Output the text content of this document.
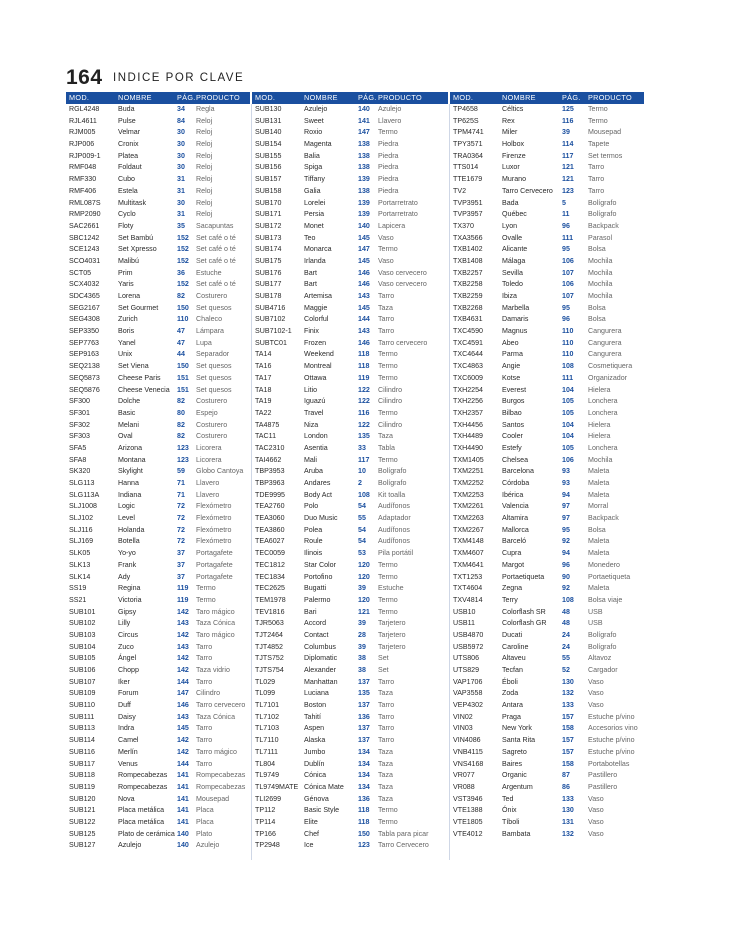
164 INDICE POR CLAVE
MOD.	NOMBRE	PÁG. PRODUCTO
RGL4248	Buda	34 Regla
RJL4611	Pulse	84 Reloj
RJM005	Velmar	30 Reloj
RJP006	Cronix	30 Reloj
RJP009-1 Platea	30 Reloj
RMF048	Foldaut	30 Reloj
RMF330	Cubo	31 Reloj
RMF406	Estela	31 Reloj
RML087S Multitask	30 Reloj
RMP2090 Cyclo	31 Reloj
SAC2661	Floty	35 Sacapuntas
SBC1242	Set Bambú	152 Set café o té
SCE1243	Set Xpresso	152 Set café o té
SCO4031	Malibú	152 Set café o té
SCT05	Prim	36 Estuche
SCX4032	Yaris	152 Set café o té
SDC4365	Lorena	82 Costurero
SEG2167	Set Gourmet	150 Set quesos
SEG4308	Zurich	110 Chaleco
SEP3350	Boris	47 Lámpara
SEP7763	Yanel	47 Lupa
SEP9163	Unix	44 Separador
SEQ2138	Set Viena	150 Set quesos
SEQ5873	Cheese Paris 151 Set quesos
SEQ5876	Cheese Venecia 151 Set quesos
SF300	Dolche	82 Costurero
SF301	Basic	80 Espejo
SF302	Melani	82 Costurero
SF303	Oval	82 Costurero
SFA5	Arizona	123 Licorera
SFA8	Montana	123 Licorera
SK320	Skylight	59 Globo Cantoya
SLG113	Hanna	71 Llavero
SLG113A	Indiana	71 Llavero
SLJ1008	Logic	72 Flexómetro
SLJ102	Level	72 Flexómetro
SLJ116	Holanda	72 Flexómetro
SLJ169	Botella	72 Flexómetro
SLK05	Yo-yo	37 Portagafete
SLK13	Frank	37 Portagafete
SLK14	Ady	37 Portagafete
SS19	Regina	119 Termo
SS21	Victoria	119 Termo
SUB101	Gipsy	142 Taro mágico
SUB102	Lilly	143 Taza Cónica
SUB103	Circus	142 Taro mágico
SUB104	Zuco	143 Tarro
SUB105	Ángel	142 Tarro
SUB106	Chopp	142 Taza vidrio
SUB107	Iker	144 Tarro
SUB109	Forum	147 Cilindro
SUB110	Duff	146 Tarro cervecero
SUB111	Daisy	143 Taza Cónica
SUB113	Indra	145 Tarro
SUB114	Camel	142 Tarro
SUB116	Merlín	142 Tarro mágico
SUB117	Venus	144 Tarro
SUB118	Rompecabezas 141 Rompecabezas
SUB119	Rompecabezas 141 Rompecabezas
SUB120	Nova	141 Mousepad
SUB121	Placa metálica 141 Placa
SUB122	Placa metálica 141 Placa
SUB125	Plato de cerámica 140 Plato
SUB127	Azulejo	140 Azulejo
MOD.	NOMBRE	PÁG. PRODUCTO
SUB130	Azulejo	140 Azulejo
SUB131	Sweet	141 Llavero
SUB140	Roxio	147 Termo
SUB154	Magenta	138 Piedra
SUB155	Balia	138 Piedra
SUB156	Spiga	138 Piedra
SUB157	Tiffany	139 Piedra
SUB158	Galia	138 Piedra
SUB170	Lorelei	139 Portarretrato
SUB171	Persia	139 Portarretrato
SUB172	Monet	140 Lapicera
SUB173	Teo	145 Vaso
SUB174	Monarca	147 Termo
SUB175	Irlanda	145 Vaso
SUB176	Bart	146 Vaso cervecero
SUB177	Bart	146 Vaso cervecero
SUB178	Artemisa	143 Tarro
SUB4716	Maggie	145 Taza
SUB7102	Colorful	144 Tarro
SUB7102-1 Finix	143 Tarro
SUBTC01 Frozen	146 Tarro cervecero
TA14	Weekend	118 Termo
TA16	Montreal	118 Termo
TA17	Ottawa	119 Termo
TA18	Litio	122 Cilindro
TA19	Iguazú	122 Cilindro
TA22	Travel	116 Termo
TA4875	Niza	122 Cilindro
TAC11	London	135 Taza
TAC2310	Asentia	33 Tabla
TAI4662	Mali	117 Termo
TBP3953	Aruba	10 Bolígrafo
TBP3963	Andares	2 Bolígrafo
TDE9995	Body Act	108 Kit toalla
TEA2760	Polo	54 Audífonos
TEA3060	Duo Music	55 Adaptador
TEA3860	Polea	54 Audífonos
TEA6027	Roule	54 Audífonos
TEC0059	Ilinois	53 Pila portátil
TEC1812	Star Color	120 Termo
TEC1834	Portofino	120 Termo
TEC2625	Bugatti	39 Estuche
TEM1978	Palermo	120 Termo
TEV1816	Bari	121 Termo
TJR5063	Accord	39 Tarjetero
TJT2464	Contact	28 Tarjetero
TJT4852	Columbus	39 Tarjetero
TJTS752	Diplomatic	38 Set
TJTS754	Alexander	38 Set
TL029	Manhattan	137 Tarro
TL099	Luciana	135 Taza
TL7101	Boston	137 Tarro
TL7102	Tahití	136 Tarro
TL7103	Aspen	137 Tarro
TL7110	Alaska	137 Tarro
TL7111	Jumbo	134 Taza
TL804	Dublín	134 Taza
TL9749	Cónica	134 Taza
TL9749MATE Cónica Mate 134 Taza
TLI2699	Génova	136 Taza
TP112	Basic Style	118 Termo
TP114	Elite	118 Termo
TP166	Chef	150 Tabla para picar
TP2948	Ice	123 Tarro Cervecero
MOD.	NOMBRE	PÁG. PRODUCTO
TP4658	Céltics	125 Termo
TP625S	Rex	116 Termo
TPM4741	Miler	39	Mousepad
TPY3571	Holbox	114 Tapete
TRA0364	Firenze	117 Set termos
TTS014	Luxor	121 Tarro
TTE1679	Murano	121 Tarro
TV2	Tarro Cervecero 123 Tarro
TVP3951	Bada	5	Bolígrafo
TVP3957	Québec	11	Bolígrafo
TX370	Lyon	96	Backpack
TXA3566	Ovalle	111 Parasol
TXB1402	Alicante	95	Bolsa
TXB1408	Málaga	106 Mochila
TXB2257	Sevilla	107 Mochila
TXB2258	Toledo	106 Mochila
TXB2259	Ibiza	107 Mochila
TXB2268	Marbella	95	Bolsa
TXB4631	Damaris	96	Bolsa
TXC4590	Magnus	110 Cangurera
TXC4591	Abeo	110 Cangurera
TXC4644	Parma	110 Cangurera
TXC4863	Angie	108 Cosmetiquera
TXC6009	Kotse	111 Organizador
TXH2254	Everest	104 Hielera
TXH2256	Burgos	105 Lonchera
TXH2357	Bilbao	105 Lonchera
TXH4456	Santos	104 Hielera
TXH4489	Cooler	104 Hielera
TXH4490	Estefy	105 Lonchera
TXM1405	Chelsea	106 Mochila
TXM2251	Barcelona	93	Maleta
TXM2252	Córdoba	93	Maleta
TXM2253	Ibérica	94	Maleta
TXM2261	Valencia	97	Morral
TXM2263	Altamira	97	Backpack
TXM2267	Mallorca	95	Bolsa
TXM4148	Barceló	92	Maleta
TXM4607	Cupra	94	Maleta
TXM4641	Margot	96	Monedero
TXT1253	Portaetiqueta	90	Portaetiqueta
TXT4604	Zegna	92	Maleta
TXV4814	Terry	108 Bolsa viaje
USB10	Colorflash SR 48	USB
USB11	Colorflash GR 48	USB
USB4870	Ducati	24	Bolígrafo
USB5972	Caroline	24	Bolígrafo
UTS806	Altaveu	55	Altavoz
UTS829	Tecfan	52	Cargador
VAP1706	Éboli	130 Vaso
VAP3558	Zoda	132 Vaso
VEP4302	Antara	133 Vaso
VIN02	Praga	157 Estuche p/vino
VIN03	New York	158 Accesorios vino
VIN4086	Santa Rita	157 Estuche p/vino
VNB4115	Sagreto	157 Estuche p/vino
VNS4168	Baires	158 Portabotellas
VR077	Organic	87	Pastillero
VR088	Argentum	86	Pastillero
VST3946	Ted	133 Vaso
VTE1388	Ónix	130 Vaso
VTE1805	Tíboli	131 Vaso
VTE4012	Bambata	132 Vaso
